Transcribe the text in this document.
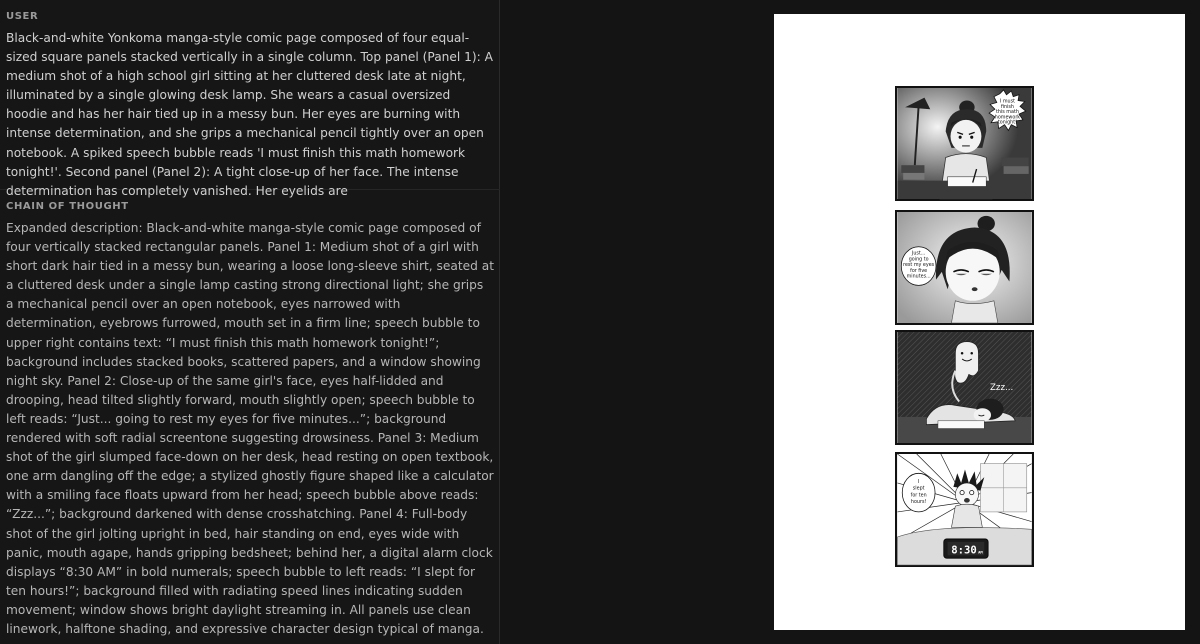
USER

Black-and-white Yonkoma manga-style comic page composed of four equal-sized square panels stacked vertically in a single column. Top panel (Panel 1): A medium shot of a high school girl sitting at her cluttered desk late at night, illuminated by a single glowing desk lamp. She wears a casual oversized hoodie and has her hair tied up in a messy bun. Her eyes are burning with intense determination, and she grips a mechanical pencil tightly over an open notebook. A spiked speech bubble reads 'I must finish this math homework tonight!'. Second panel (Panel 2): A tight close-up of her face. The intense determination has completely vanished. Her eyelids are

CHAIN OF THOUGHT

Expanded description: Black-and-white manga-style comic page composed of four vertically stacked rectangular panels. Panel 1: Medium shot of a girl with short dark hair tied in a messy bun, wearing a loose long-sleeve shirt, seated at a cluttered desk under a single lamp casting strong directional light; she grips a mechanical pencil over an open notebook, eyes narrowed with determination, eyebrows furrowed, mouth set in a firm line; speech bubble to upper right contains text: “I must finish this math homework tonight!”; background includes stacked books, scattered papers, and a window showing night sky. Panel 2: Close-up of the same girl's face, eyes half-lidded and drooping, head tilted slightly forward, mouth slightly open; speech bubble to left reads: “Just... going to rest my eyes for five minutes...”; background rendered with soft radial screentone suggesting drowsiness. Panel 3: Medium shot of the girl slumped face-down on her desk, head resting on open textbook, one arm dangling off the edge; a stylized ghostly figure shaped like a calculator with a smiling face floats upward from her head; speech bubble above reads: “Zzz...”; background darkened with dense crosshatching. Panel 4: Full-body shot of the girl jolting upright in bed, hair standing on end, eyes wide with panic, mouth agape, hands gripping bedsheet; behind her, a digital alarm clock displays “8:30 AM” in bold numerals; speech bubble to left reads: “I slept for ten hours!”; background filled with radiating speed lines indicating sudden movement; window shows bright daylight streaming in. All panels use clean linework, halftone shading, and expressive character design typical of manga.

I must
finish
this math
homework
tonight!
Just...
going to
rest my eyes
for five
minutes...
Zzz...
I
slept
for ten
hours!
8:30 AM
